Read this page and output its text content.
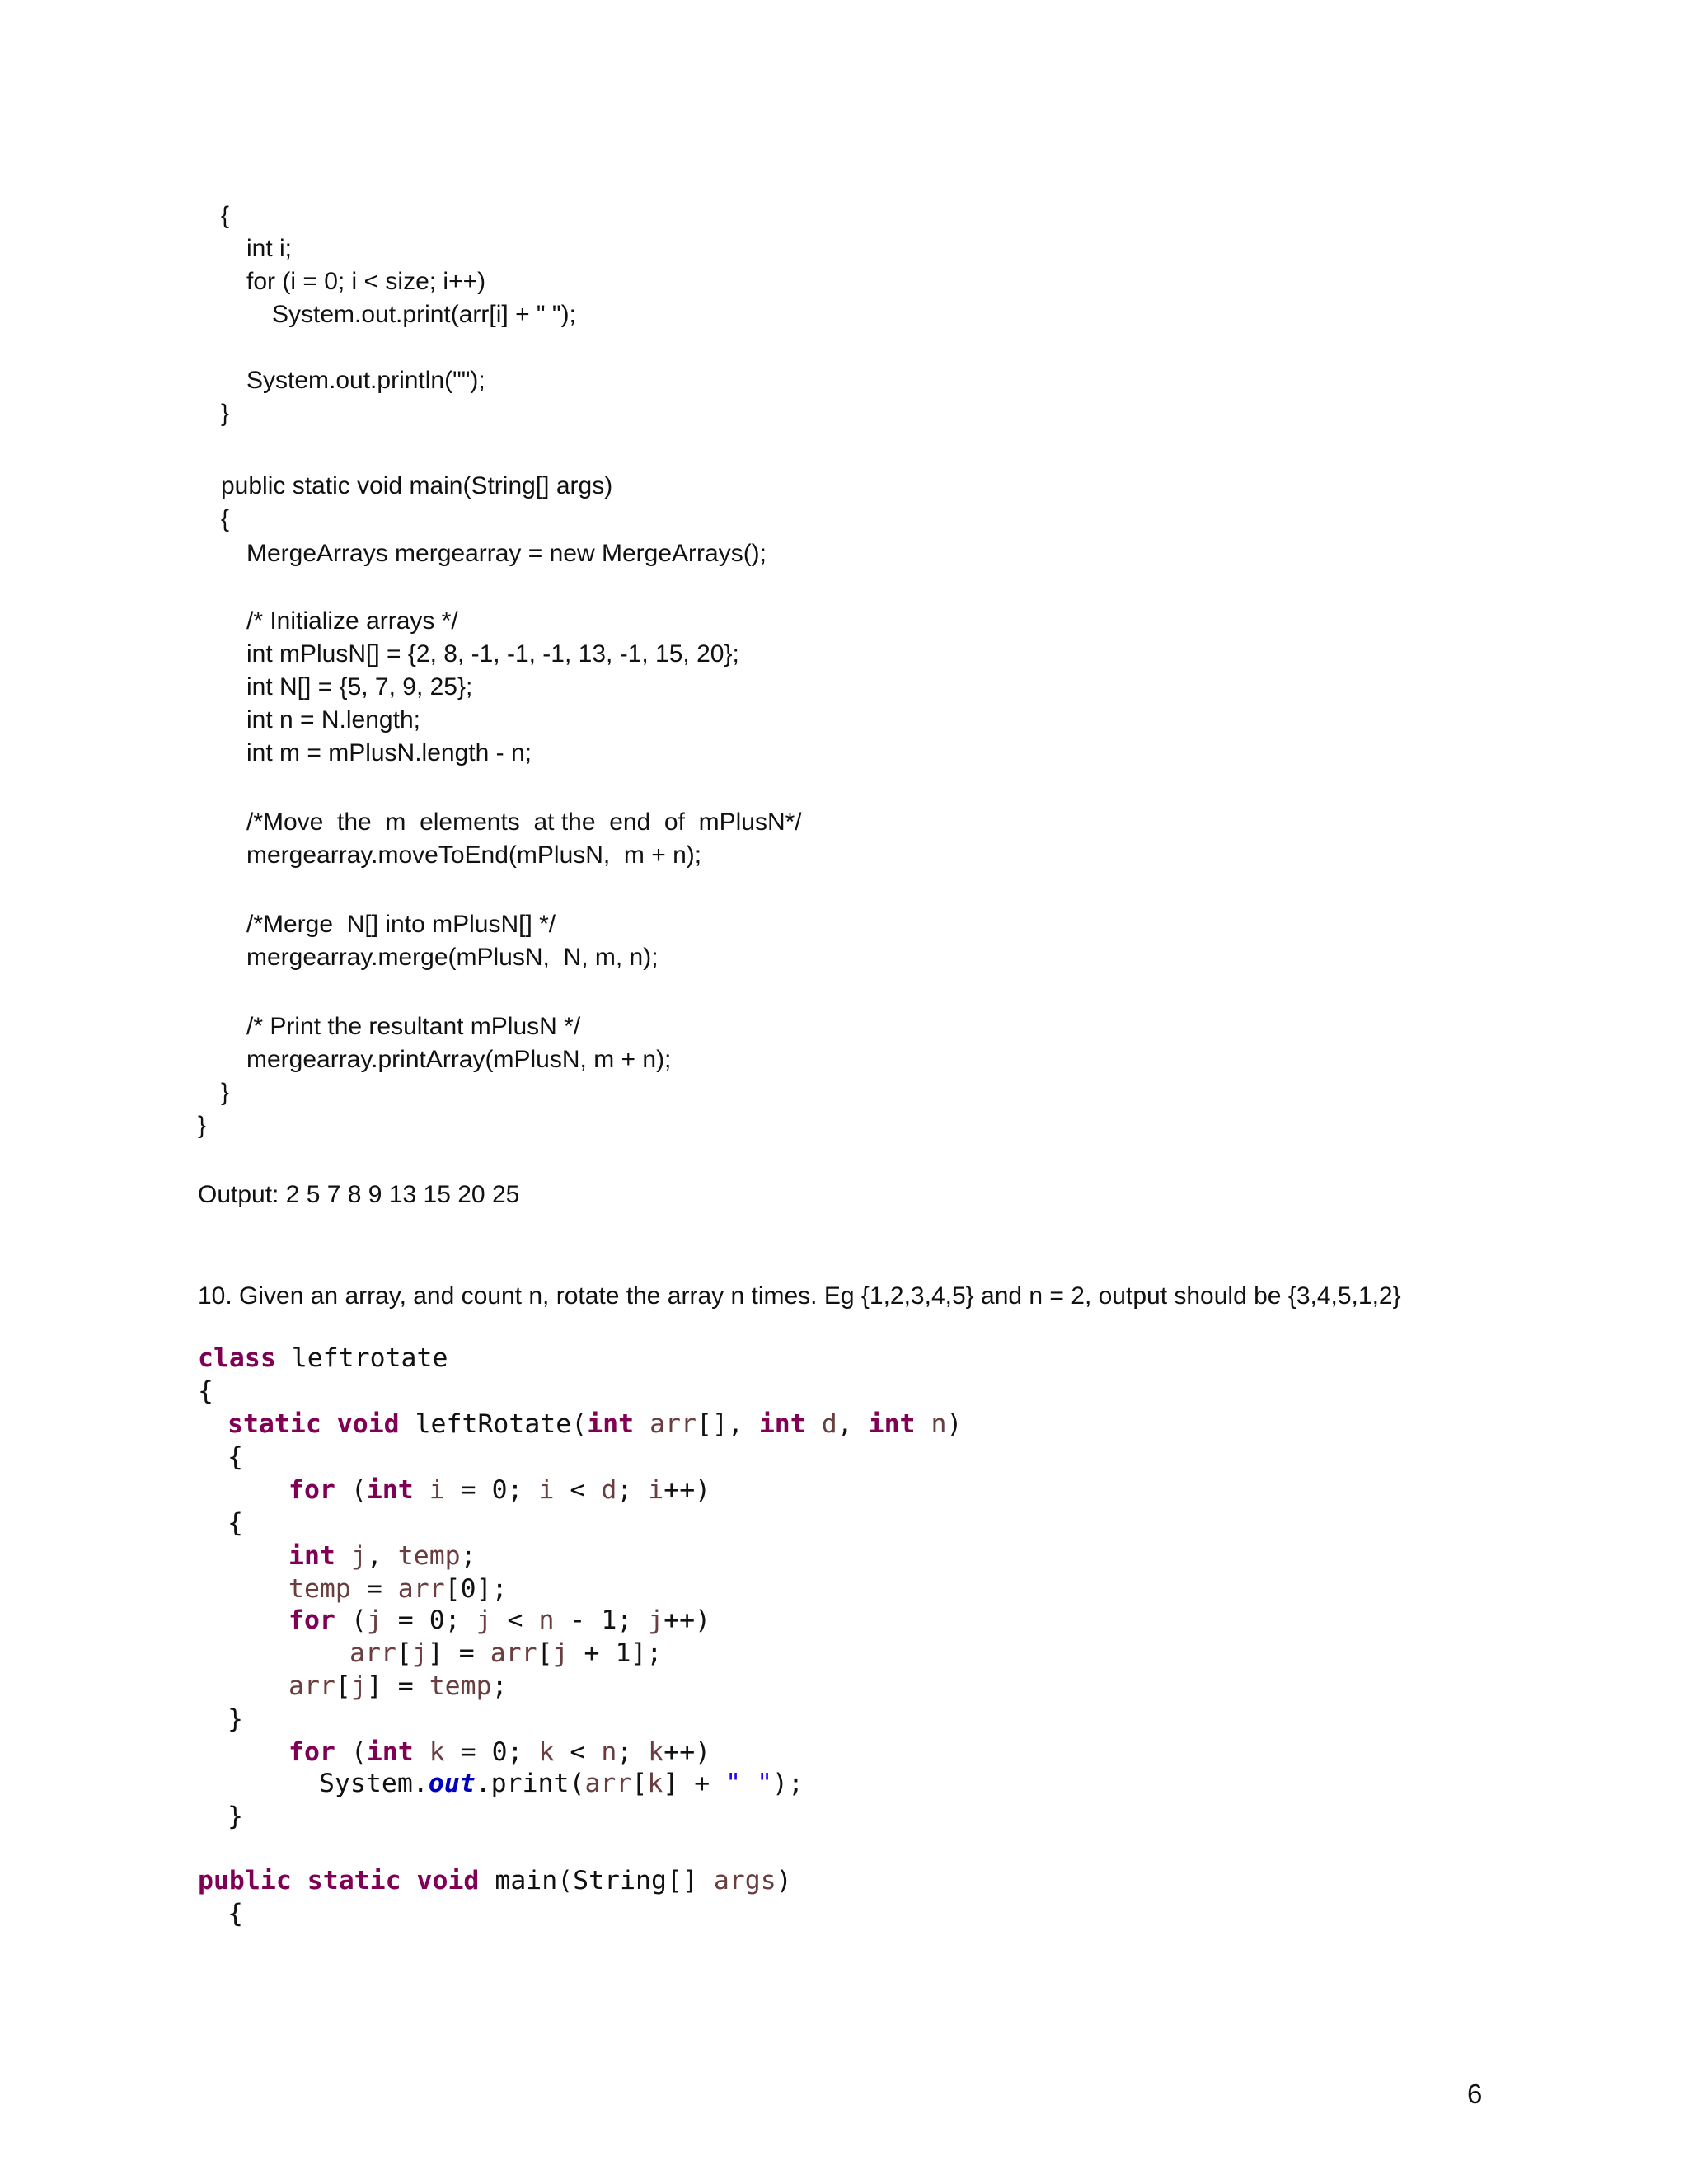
{
int i;
for (i = 0; i < size; i++)
System.out.print(arr[i] + " ");
System.out.println("");
}
public static void main(String[] args)
{
MergeArrays mergearray = new MergeArrays();
/* Initialize arrays */
int mPlusN[] = {2, 8, -1, -1, -1, 13, -1, 15, 20};
int N[] = {5, 7, 9, 25};
int n = N.length;
int m = mPlusN.length - n;
/*Move  the  m  elements  at the  end  of  mPlusN*/
mergearray.moveToEnd(mPlusN,  m + n);
/*Merge  N[] into mPlusN[] */
mergearray.merge(mPlusN,  N, m, n);
/* Print the resultant mPlusN */
mergearray.printArray(mPlusN, m + n);
}
}
Output: 2 5 7 8 9 13 15 20 25
10. Given an array, and count n, rotate the array n times. Eg {1,2,3,4,5} and n = 2, output should be {3,4,5,1,2}
class leftrotate
{
static void leftRotate(int arr[], int d, int n)
{
for (int i = 0; i < d; i++)
{
int j, temp;
temp = arr[0];
for (j = 0; j < n - 1; j++)
arr[j] = arr[j + 1];
arr[j] = temp;
}
for (int k = 0; k < n; k++)
System.out.print(arr[k] + " ");
}
public static void main(String[] args)
{
6
